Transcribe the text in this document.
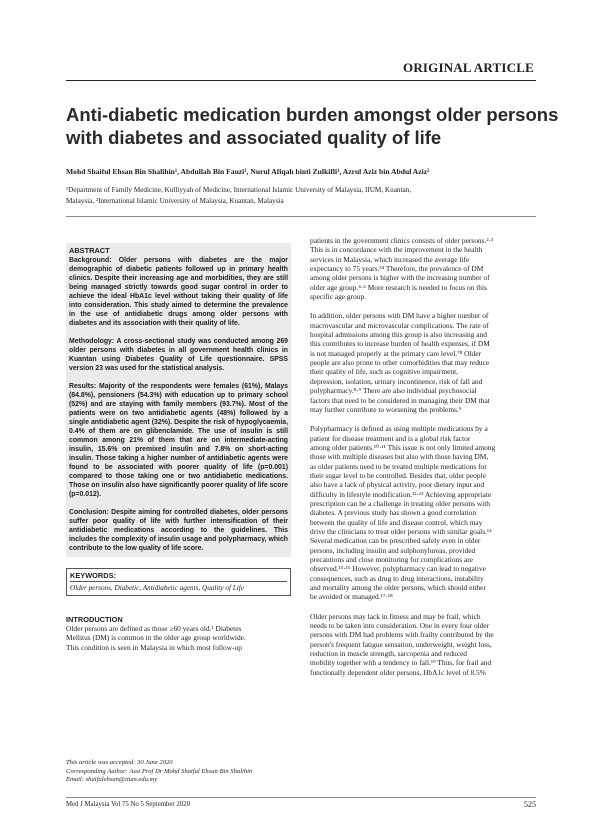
ORIGINAL ARTICLE
Anti-diabetic medication burden amongst older persons
with diabetes and associated quality of life
Mohd Shaiful Ehsan Bin Shalihin¹, Abdullah Bin Fauzi¹, Nurul Afiqah binti Zulkifli¹, Azrul Aziz bin Abdul Aziz²
¹Department of Family Medicine, Kulliyyah of Medicine, International Islamic University of Malaysia, IIUM, Kuantan,
Malaysia, ²International Islamic University of Malaysia, Kuantan, Malaysia
ABSTRACT

Background: Older persons with diabetes are the major demographic of diabetic patients followed up in primary health clinics. Despite their increasing age and morbidities, they are still being managed strictly towards good sugar control in order to achieve the ideal HbA1c level without taking their quality of life into consideration. This study aimed to determine the prevalence in the use of antidiabetic drugs among older persons with diabetes and its association with their quality of life.

Methodology: A cross-sectional study was conducted among 269 older persons with diabetes in all government health clinics in Kuantan using Diabetes Quality of Life questionnaire. SPSS version 23 was used for the statistical analysis.

Results: Majority of the respondents were females (61%), Malays (84.8%), pensioners (54.3%) with education up to primary school (52%) and are staying with family members (93.7%). Most of the patients were on two antidiabetic agents (48%) followed by a single antidiabetic agent (32%). Despite the risk of hypoglycaemia, 0.4% of them are on glibenclamide. The use of insulin is still common among 21% of them that are on intermediate-acting insulin, 15.6% on premixed insulin and 7.8% on short-acting insulin. Those taking a higher number of antidiabetic agents were found to be associated with poorer quality of life (p=0.001) compared to those taking one or two antidiabetic medications. Those on insulin also have significantly poorer quality of life score (p=0.012).

Conclusion: Despite aiming for controlled diabetes, older persons suffer poor quality of life with further intensification of their antidiabetic medications according to the guidelines. This includes the complexity of insulin usage and polypharmacy, which contribute to the low quality of life score.

KEYWORDS:
Older persons, Diabetic, Antidiabetic agents, Quality of Life
INTRODUCTION

Older persons are defined as those ≥60 years old.¹ Diabetes
Mellitus (DM) is common in the older age group worldwide.
This condition is seen in Malaysia in which most follow-up

This article was accepted: 30 June 2020
Corresponding Author: Asst Prof Dr Mohd Shaiful Ehsan Bin Shalihin
Email: shaifulehsan@iium.edu.my

patients in the government clinics consists of older persons.²·³
This is in concordance with the improvement in the health
services in Malaysia, which increased the average life
expectancy to 75 years.³⁴ Therefore, the prevalence of DM
among older persons is higher with the increasing number of
older age group.⁴·⁵ More research is needed to focus on this
specific age group.

In addition, older persons with DM have a higher number of
macrovascular and microvascular complications. The rate of
hospital admissions among this group is also increasing and
this contributes to increase burden of health expenses, if DM
is not managed properly at the primary care level.⁷⁸ Older
people are also prone to other comorbidities that may reduce
their quality of life, such as cognitive impairment,
depression, isolation, urinary incontinence, risk of fall and
polypharmacy.⁸·⁹ There are also individual psychosocial
factors that need to be considered in managing their DM that
may further contribute to worsening the problems.⁹

Polypharmacy is defined as using multiple medications by a
patient for disease treatment and is a global risk factor
among older patients.¹⁰·¹¹ This issue is not only limited among
those with multiple diseases but also with those having DM,
as older patients need to be treated multiple medications for
their sugar level to be controlled. Besides that, older people
also have a lack of physical activity, poor dietary input and
difficulty in lifestyle modification.¹²·¹³ Achieving appropriate
prescription can be a challenge in treating older persons with
diabetes. A previous study has shown a good correlation
between the quality of life and disease control, which may
drive the clinicians to treat older persons with similar goals.¹⁴
Several medication can be prescribed safely even in older
persons, including insulin and sulphonylureas, provided
precautions and close monitoring for complications are
observed.¹⁵·¹⁶ However, polypharmacy can lead to negative
consequences, such as drug to drug interactions, instability
and mortality among the older persons, which should either
be avoided or managed.¹⁷·¹⁸

Older persons may lack in fitness and may be frail, which
needs to be taken into consideration. One in every four older
persons with DM had problems with frailty contributed by the
person's frequent fatigue sensation, underweight, weight loss,
reduction in muscle strength, sarcopenia and reduced
mobility together with a tendency to fall.¹⁹ Thus, for frail and
functionally dependent older persons, HbA1c level of 8.5%

Med J Malaysia Vol 75 No 5 September 2020	525
